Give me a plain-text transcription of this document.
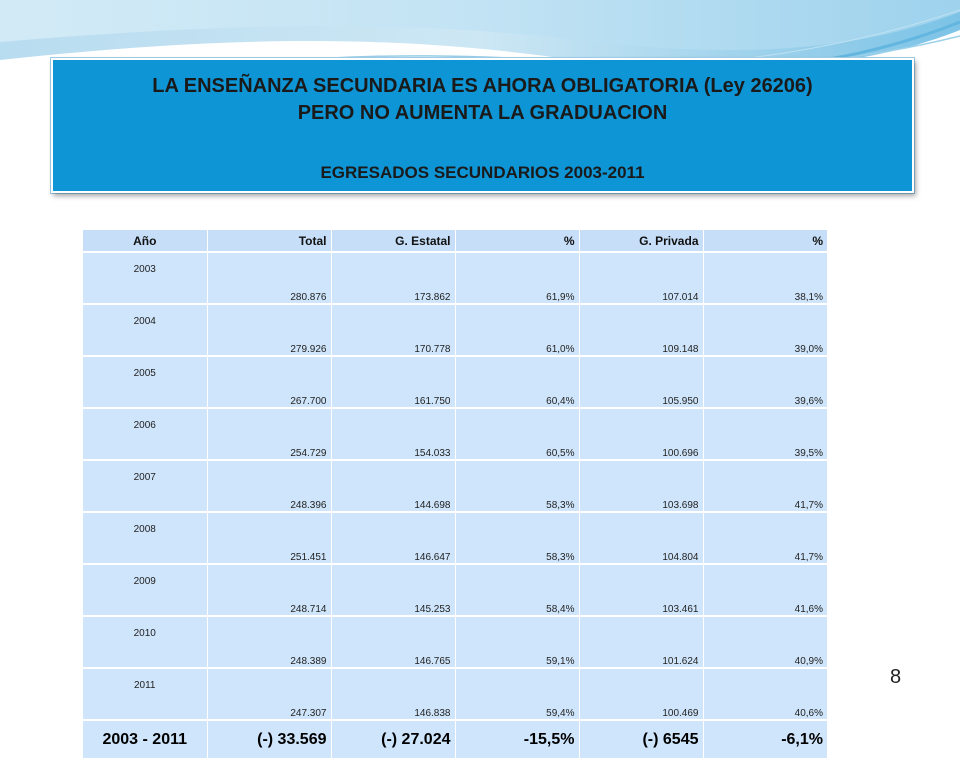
LA ENSEÑANZA SECUNDARIA ES AHORA OBLIGATORIA (Ley 26206)
PERO NO AUMENTA LA GRADUACION
EGRESADOS SECUNDARIOS 2003-2011
Año	Total	G. Estatal	%	G. Privada	%
2003	280.876	173.862	61,9%	107.014	38,1%
2004	279.926	170.778	61,0%	109.148	39,0%
2005	267.700	161.750	60,4%	105.950	39,6%
2006	254.729	154.033	60,5%	100.696	39,5%
2007	248.396	144.698	58,3%	103.698	41,7%
2008	251.451	146.647	58,3%	104.804	41,7%
2009	248.714	145.253	58,4%	103.461	41,6%
2010	248.389	146.765	59,1%	101.624	40,9%
2011	247.307	146.838	59,4%	100.469	40,6%
2003 - 2011	(-) 33.569	(-) 27.024	-15,5%	(-) 6545	-6,1%
8
